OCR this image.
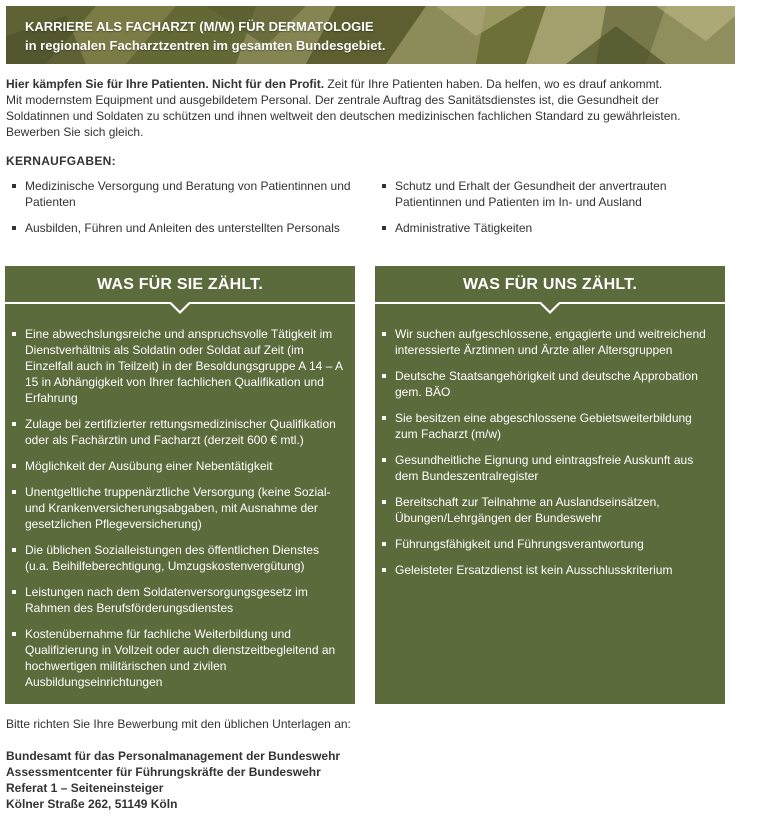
KARRIERE ALS FACHARZT (M/W) FÜR DERMATOLOGIE
in regionalen Facharztzentren im gesamten Bundesgebiet.

Hier kämpfen Sie für Ihre Patienten. Nicht für den Profit. Zeit für Ihre Patienten haben. Da helfen, wo es drauf ankommt.

Mit modernstem Equipment und ausgebildetem Personal. Der zentrale Auftrag des Sanitätsdienstes ist, die Gesundheit der

Soldatinnen und Soldaten zu schützen und ihnen weltweit den deutschen medizinischen fachlichen Standard zu gewährleisten.

Bewerben Sie sich gleich.

KERNAUFGABEN:
Medizinische Versorgung und Beratung von Patientinnen und Patienten
Ausbilden, Führen und Anleiten des unterstellten Personals
Schutz und Erhalt der Gesundheit der anvertrauten Patientinnen und Patienten im In- und Ausland
Administrative Tätigkeiten
WAS FÜR SIE ZÄHLT.
Eine abwechslungsreiche und anspruchsvolle Tätigkeit im Dienstverhältnis als Soldatin oder Soldat auf Zeit (im Einzelfall auch in Teilzeit) in der Besoldungsgruppe A 14 – A 15 in Abhängigkeit von Ihrer fachlichen Qualifikation und Erfahrung
Zulage bei zertifizierter rettungsmedizinischer Qualifikation oder als Fachärztin und Facharzt (derzeit 600 € mtl.)
Möglichkeit der Ausübung einer Nebentätigkeit
Unentgeltliche truppenärztliche Versorgung (keine Sozial- und Krankenversicherungsabgaben, mit Ausnahme der gesetzlichen Pflegeversicherung)
Die üblichen Sozialleistungen des öffentlichen Dienstes (u.a. Beihilfeberechtigung, Umzugskostenvergütung)
Leistungen nach dem Soldatenversorgungsgesetz im Rahmen des Berufsförderungsdienstes
Kostenübernahme für fachliche Weiterbildung und Qualifizierung in Vollzeit oder auch dienstzeitbegleitend an hochwertigen militärischen und zivilen Ausbildungseinrichtungen
WAS FÜR UNS ZÄHLT.
Wir suchen aufgeschlossene, engagierte und weitreichend interessierte Ärztinnen und Ärzte aller Altersgruppen
Deutsche Staatsangehörigkeit und deutsche Approbation gem. BÄO
Sie besitzen eine abgeschlossene Gebietsweiterbildung zum Facharzt (m/w)
Gesundheitliche Eignung und eintragsfreie Auskunft aus dem Bundeszentralregister
Bereitschaft zur Teilnahme an Auslandseinsätzen, Übungen/Lehrgängen der Bundeswehr
Führungsfähigkeit und Führungsverantwortung
Geleisteter Ersatzdienst ist kein Ausschlusskriterium
Bitte richten Sie Ihre Bewerbung mit den üblichen Unterlagen an:
Bundesamt für das Personalmanagement der Bundeswehr
Assessmentcenter für Führungskräfte der Bundeswehr
Referat 1 – Seiteneinsteiger
Kölner Straße 262, 51149 Köln
